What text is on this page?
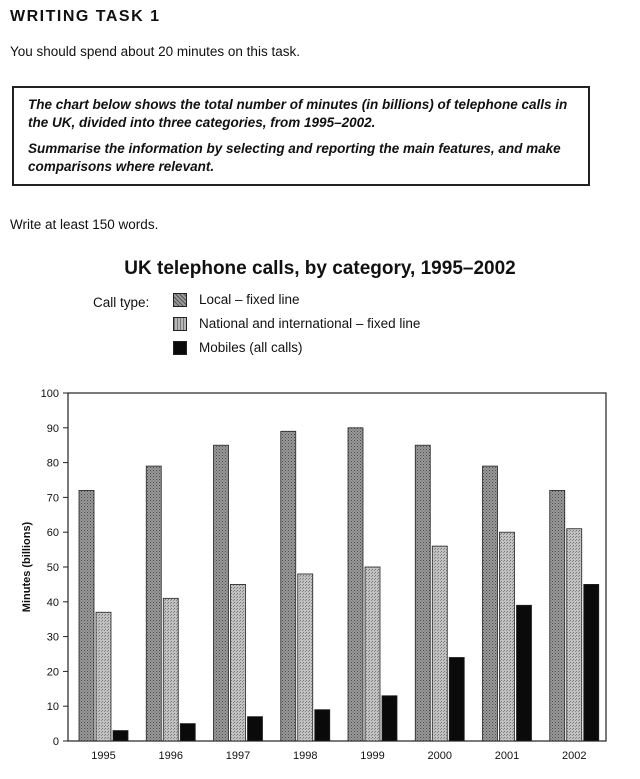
WRITING TASK 1
You should spend about 20 minutes on this task.

The chart below shows the total number of minutes (in billions) of telephone calls in the UK, divided into three categories, from 1995–2002.

Summarise the information by selecting and reporting the main features, and make comparisons where relevant.

Write at least 150 words.
UK telephone calls, by category, 1995–2002
Call type:	Local – fixed line
National and international – fixed line
Mobiles (all calls)
0
10
20
30
40
50
60
70
80
90
100
Minutes (billions)
1995	1996	1997	1998	1999	2000	2001	2002
